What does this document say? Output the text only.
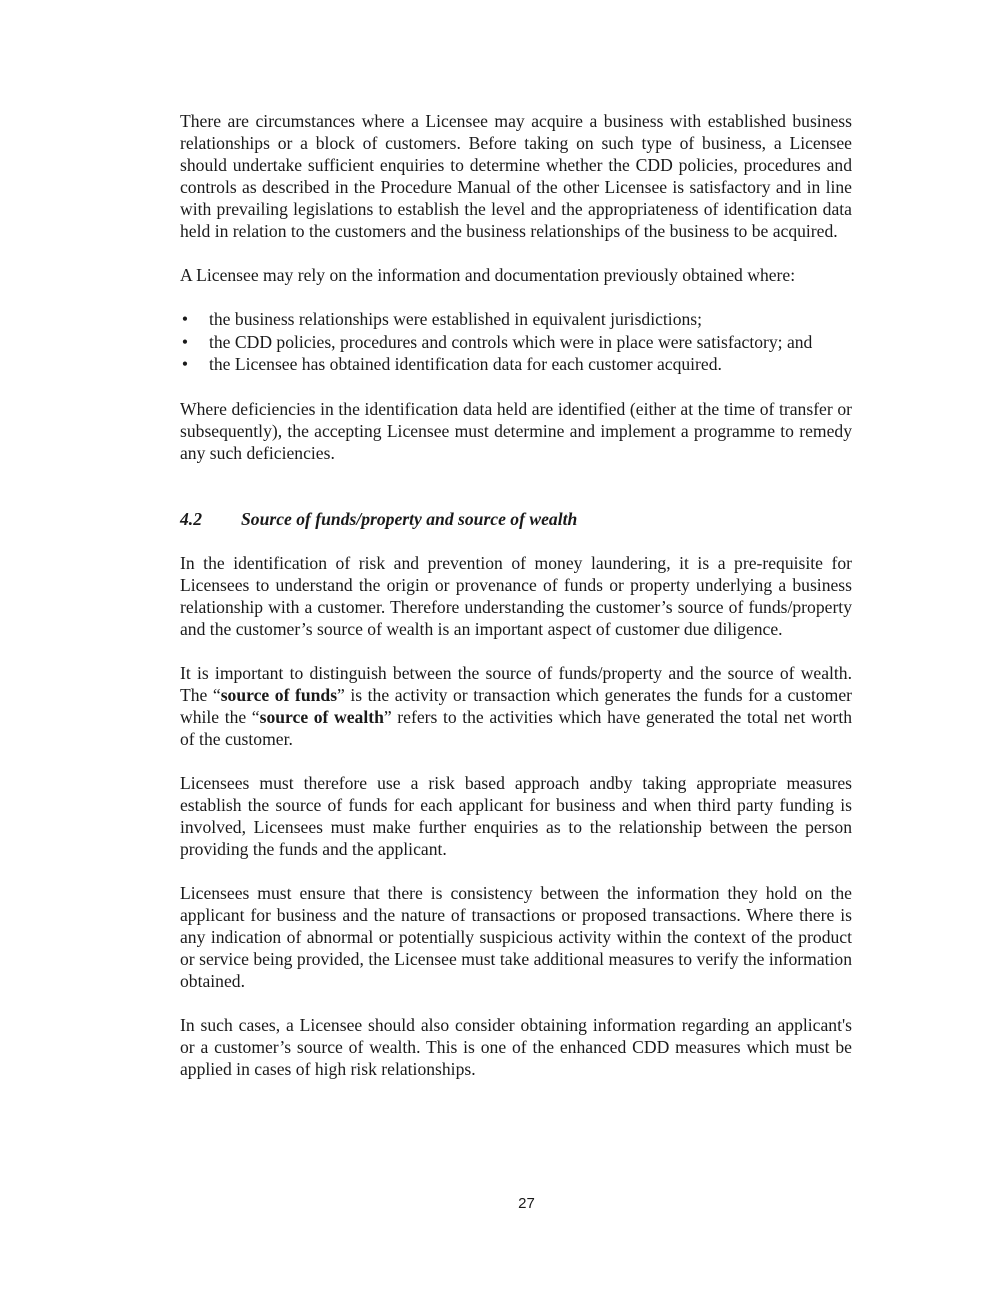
There are circumstances where a Licensee may acquire a business with established business relationships or a block of customers. Before taking on such type of business, a Licensee should undertake sufficient enquiries to determine whether the CDD policies, procedures and controls as described in the Procedure Manual of the other Licensee is satisfactory and in line with prevailing legislations to establish the level and the appropriateness of identification data held in relation to the customers and the business relationships of the business to be acquired.

A Licensee may rely on the information and documentation previously obtained where:

• the business relationships were established in equivalent jurisdictions;
• the CDD policies, procedures and controls which were in place were satisfactory; and
• the Licensee has obtained identification data for each customer acquired.

Where deficiencies in the identification data held are identified (either at the time of transfer or subsequently), the accepting Licensee must determine and implement a programme to remedy any such deficiencies.

4.2	Source of funds/property and source of wealth

In the identification of risk and prevention of money laundering, it is a pre-requisite for Licensees to understand the origin or provenance of funds or property underlying a business relationship with a customer. Therefore understanding the customer’s source of funds/property and the customer’s source of wealth is an important aspect of customer due diligence.

It is important to distinguish between the source of funds/property and the source of wealth. The “source of funds” is the activity or transaction which generates the funds for a customer while the “source of wealth” refers to the activities which have generated the total net worth of the customer.

Licensees must therefore use a risk based approach andby taking appropriate measures establish the source of funds for each applicant for business and when third party funding is involved, Licensees must make further enquiries as to the relationship between the person providing the funds and the applicant.

Licensees must ensure that there is consistency between the information they hold on the applicant for business and the nature of transactions or proposed transactions. Where there is any indication of abnormal or potentially suspicious activity within the context of the product or service being provided, the Licensee must take additional measures to verify the information obtained.

In such cases, a Licensee should also consider obtaining information regarding an applicant's or a customer’s source of wealth. This is one of the enhanced CDD measures which must be applied in cases of high risk relationships.

27
